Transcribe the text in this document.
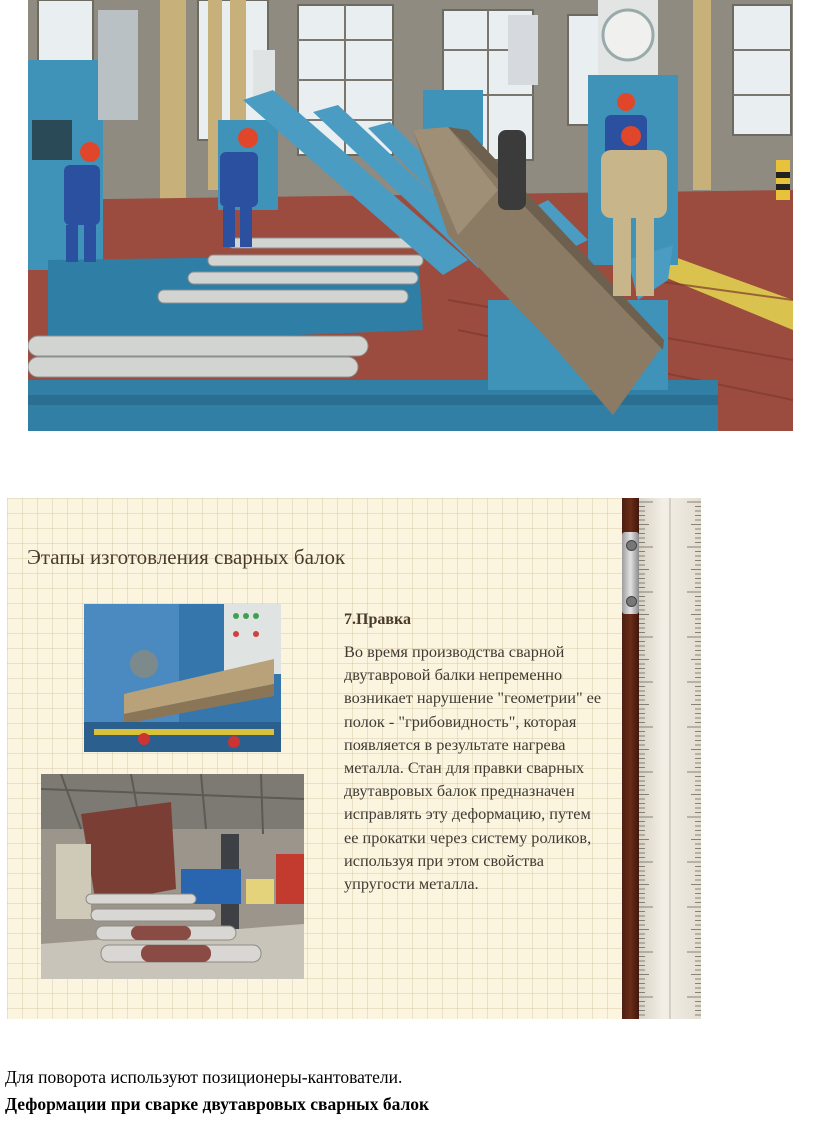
Этапы изготовления сварных балок

7.Правка

Во время производства сварной двутавровой балки непременно возникает нарушение "геометрии" ее полок - "грибовидность", которая появляется в результате нагрева металла. Стан для правки сварных двутавровых балок предназначен исправлять эту деформацию, путем ее прокатки через систему роликов, используя при этом свойства упругости металла.

Для поворота используют позиционеры-кантователи.
Деформации при сварке двутавровых сварных балок
